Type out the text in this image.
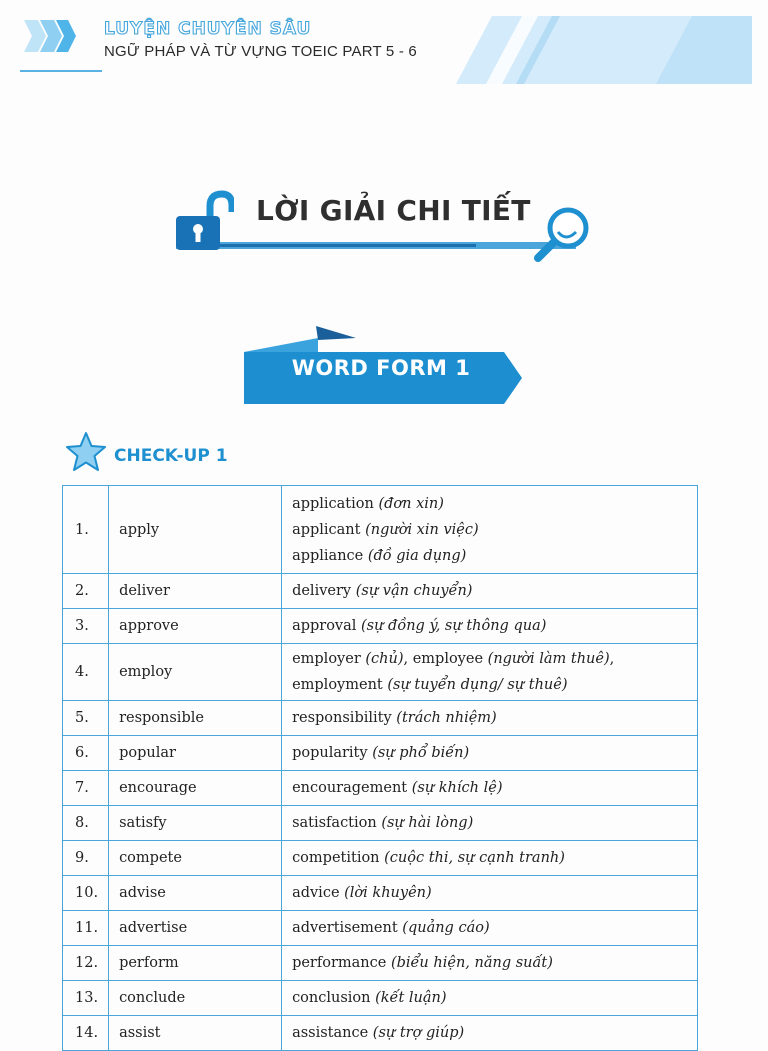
LUYỆN CHUYÊN SÂU
NGỮ PHÁP VÀ TỪ VỰNG TOEIC PART 5 - 6
LỜI GIẢI CHI TIẾT
WORD FORM 1
CHECK-UP 1
1.	apply	application (đơn xin)
applicant (người xin việc)
appliance (đồ gia dụng)

2.	deliver	delivery (sự vận chuyển)
3.	approve	approval (sự đồng ý, sự thông qua)
4.	employ	employer (chủ), employee (người làm thuê), employment (sự tuyển dụng/ sự thuê)
5.	responsible	responsibility (trách nhiệm)
6.	popular	popularity (sự phổ biến)
7.	encourage	encouragement (sự khích lệ)
8.	satisfy	satisfaction (sự hài lòng)
9.	compete	competition (cuộc thi, sự cạnh tranh)
10.	advise	advice (lời khuyên)
11.	advertise	advertisement (quảng cáo)
12.	perform	performance (biểu hiện, năng suất)
13.	conclude	conclusion (kết luận)
14.	assist	assistance (sự trợ giúp)
